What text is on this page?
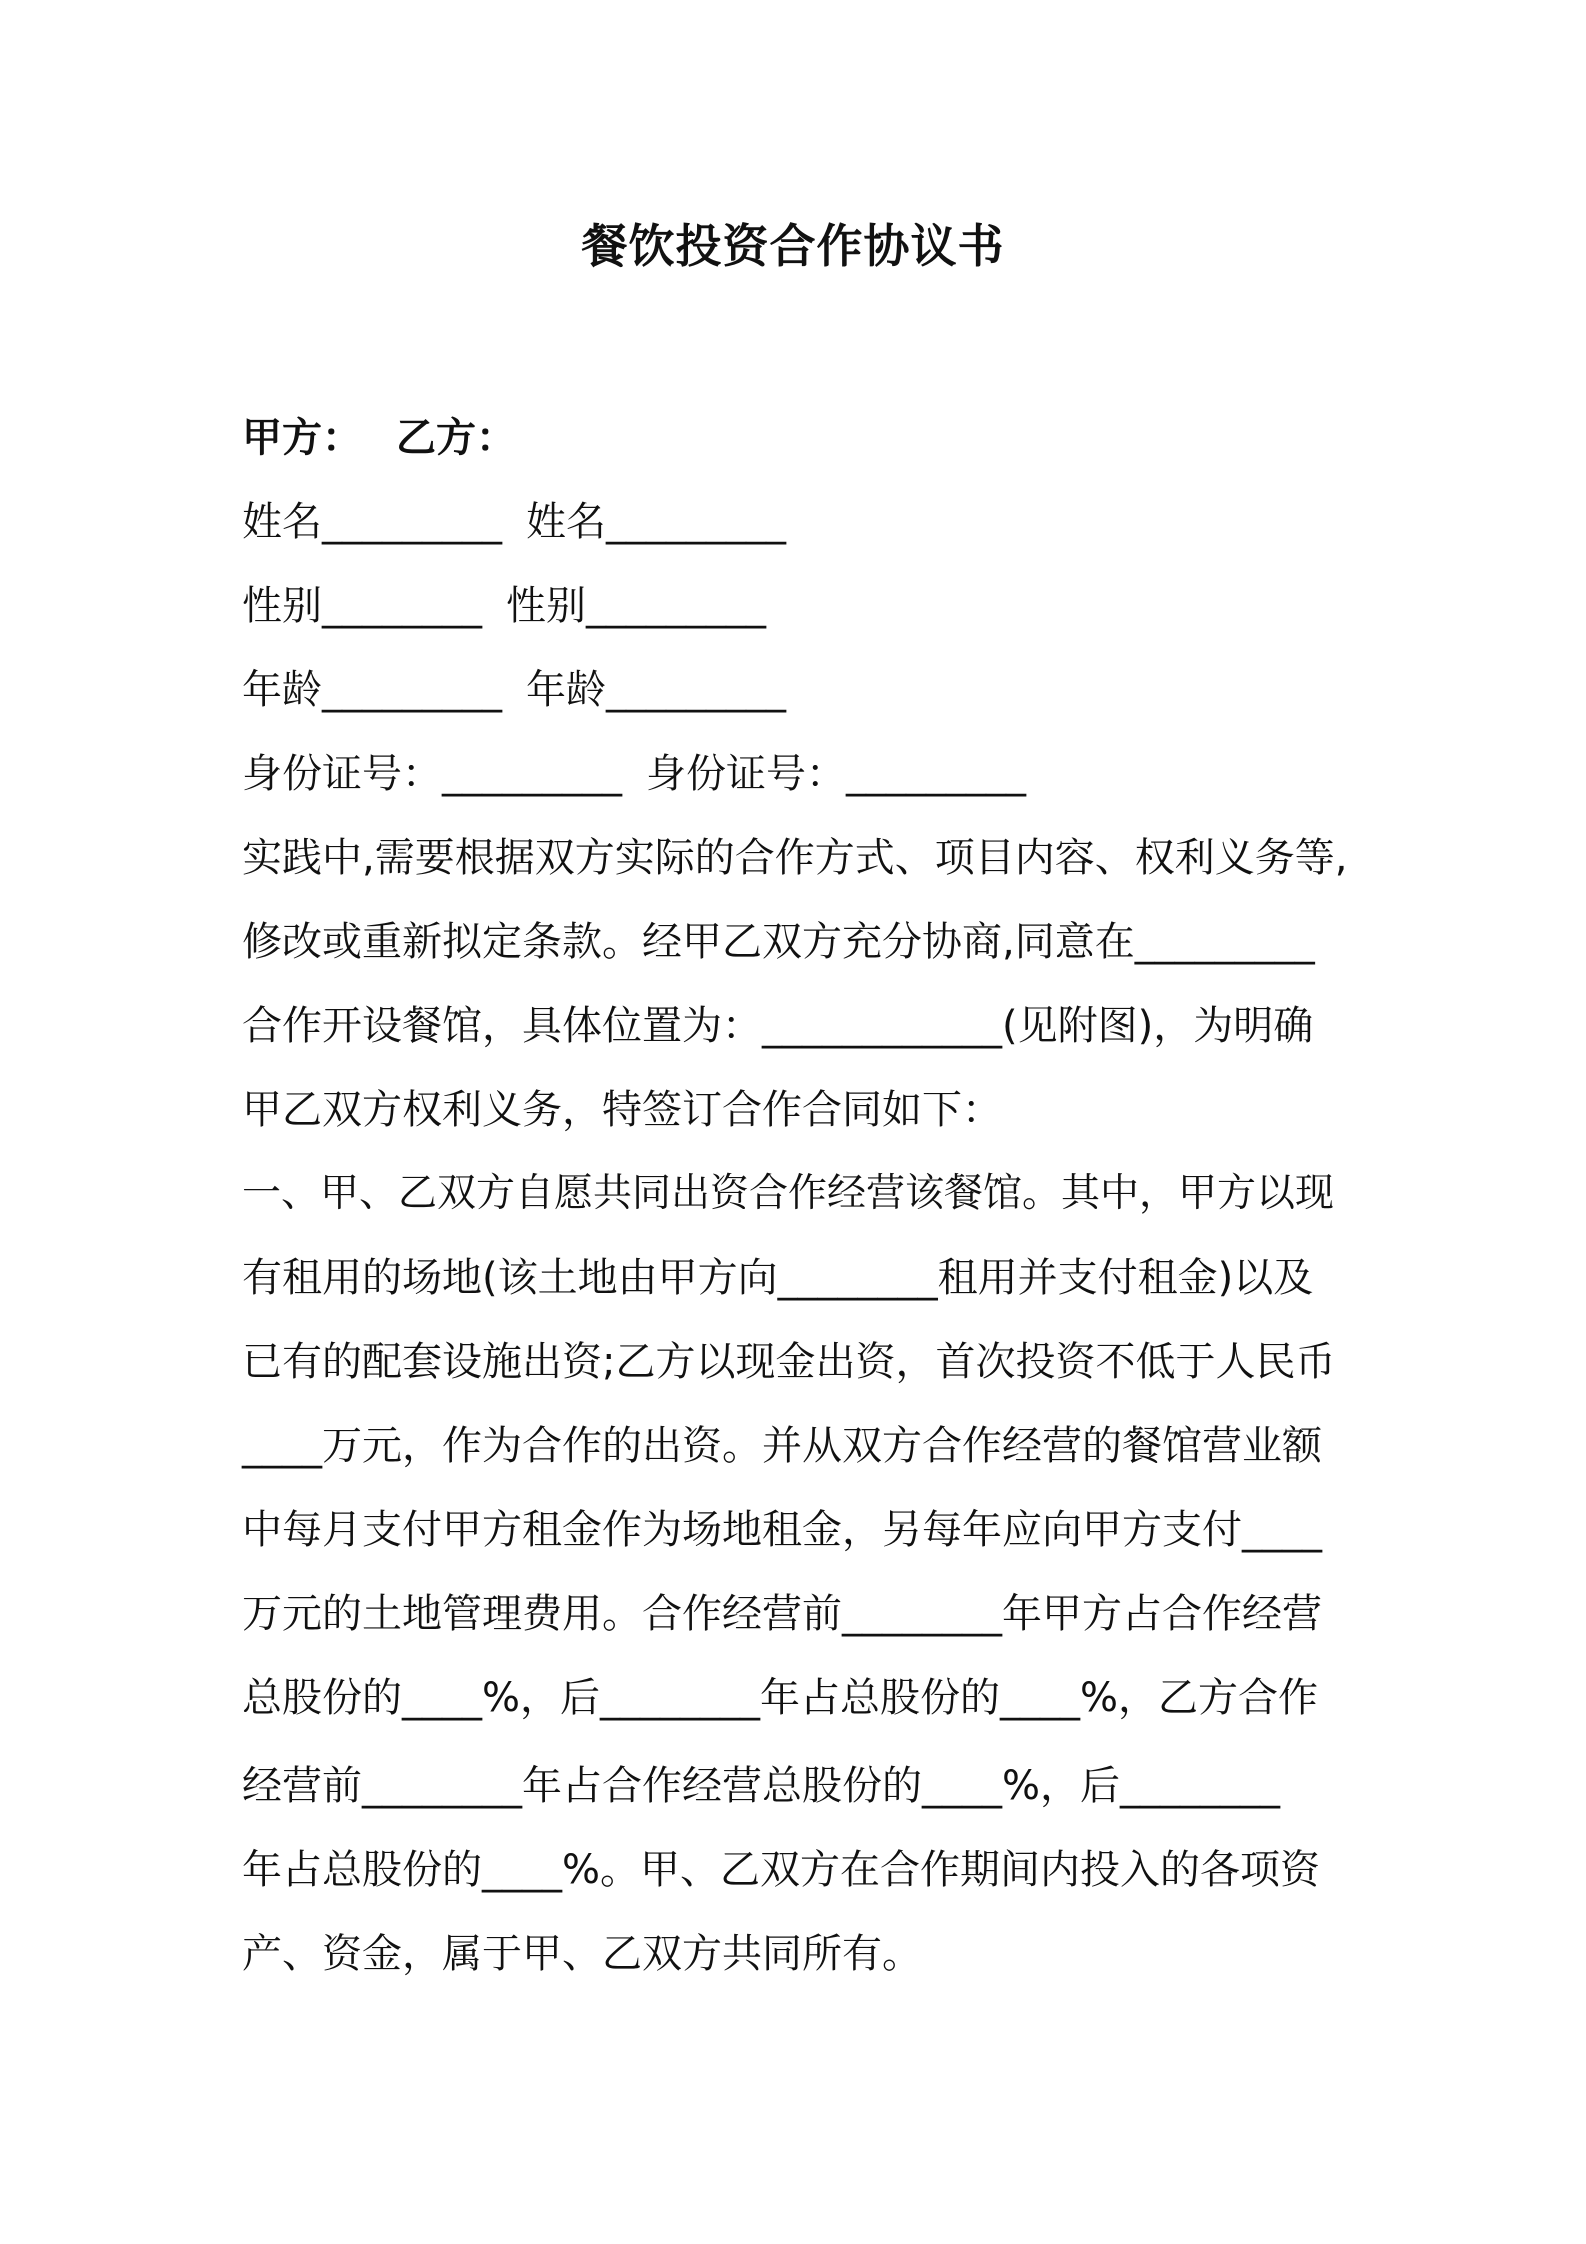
餐饮投资合作协议书
甲方： 乙方：
姓名_________ 姓名_________
性别________ 性别_________
年龄_________ 年龄_________
身份证号：_________ 身份证号：_________
实践中,需要根据双方实际的合作方式、项目内容、权利义务等,
修改或重新拟定条款。经甲乙双方充分协商,同意在_________
合作开设餐馆，具体位置为：____________(见附图)，为明确
甲乙双方权利义务，特签订合作合同如下：
一、甲、乙双方自愿共同出资合作经营该餐馆。其中，甲方以现
有租用的场地(该土地由甲方向________租用并支付租金)以及
已有的配套设施出资;乙方以现金出资，首次投资不低于人民币
____万元，作为合作的出资。并从双方合作经营的餐馆营业额
中每月支付甲方租金作为场地租金，另每年应向甲方支付____
万元的土地管理费用。合作经营前________年甲方占合作经营
总股份的____%，后________年占总股份的____%，乙方合作
经营前________年占合作经营总股份的____%，后________
年占总股份的____%。甲、乙双方在合作期间内投入的各项资
产、资金，属于甲、乙双方共同所有。
